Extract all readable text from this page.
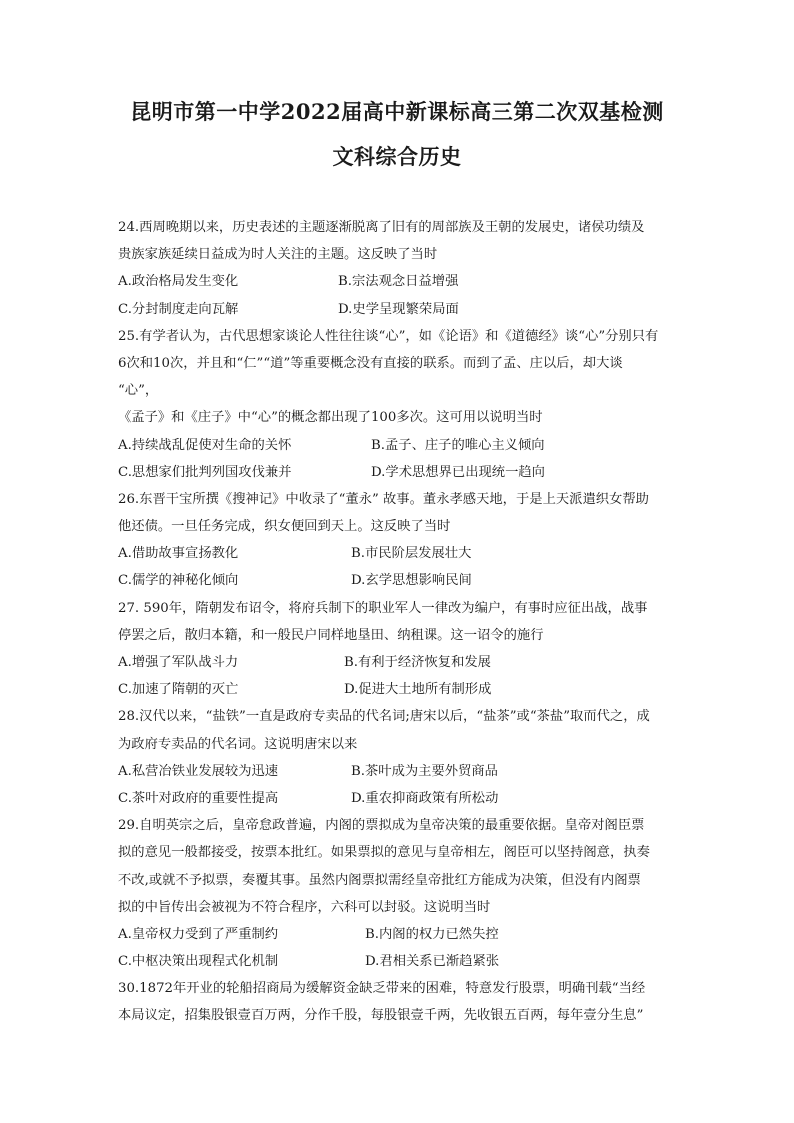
昆明市第一中学2022届高中新课标高三第二次双基检测
文科综合历史
24.西周晚期以来，历史表述的主题逐渐脱离了旧有的周部族及王朝的发展史，诸侯功绩及
贵族家族延续日益成为时人关注的主题。这反映了当时
A.政治格局发生变化	B.宗法观念日益增强
C.分封制度走向瓦解	D.史学呈现繁荣局面
25.有学者认为，古代思想家谈论人性往往谈“心”，如《论语》和《道德经》谈“心”分别只有
6次和10次，并且和“仁”“道”等重要概念没有直接的联系。而到了孟、庄以后，却大谈
“心”，
《孟子》和《庄子》中“心”的概念都出现了100多次。这可用以说明当时
A.持续战乱促使对生命的关怀	B.孟子、庄子的唯心主义倾向
C.思想家们批判列国攻伐兼并	D.学术思想界已出现统一趋向
26.东晋干宝所撰《搜神记》中收录了“董永” 故事。董永孝感天地，于是上天派遣织女帮助
他还债。一旦任务完成，织女便回到天上。这反映了当时
A.借助故事宣扬教化	B.市民阶层发展壮大
C.儒学的神秘化倾向	D.玄学思想影响民间
27. 590年，隋朝发布诏令，将府兵制下的职业军人一律改为编户，有事时应征出战，战事
停罢之后，散归本籍，和一般民户同样地垦田、纳租课。这一诏令的施行
A.增强了军队战斗力	B.有利于经济恢复和发展
C.加速了隋朝的灭亡	D.促进大土地所有制形成
28.汉代以来，“盐铁”一直是政府专卖品的代名词;唐宋以后，“盐茶”或“茶盐”取而代之，成
为政府专卖品的代名词。这说明唐宋以来
A.私营冶铁业发展较为迅速	B.茶叶成为主要外贸商品
C.茶叶对政府的重要性提高	D.重农抑商政策有所松动
29.自明英宗之后，皇帝怠政普遍，内阁的票拟成为皇帝决策的最重要依据。皇帝对阁臣票
拟的意见一般都接受，按票本批红。如果票拟的意见与皇帝相左，阁臣可以坚持阁意，执奏
不改,或就不予拟票，奏覆其事。虽然内阁票拟需经皇帝批红方能成为决策，但没有内阁票
拟的中旨传出会被视为不符合程序，六科可以封驳。这说明当时
A.皇帝权力受到了严重制约	B.内阁的权力已然失控
C.中枢决策出现程式化机制	D.君相关系已渐趋紧张
30.1872年开业的轮船招商局为缓解资金缺乏带来的困难，特意发行股票，明确刊载“当经
本局议定，招集股银壹百万两，分作千股，每股银壹千两，先收银五百两，每年壹分生息”
